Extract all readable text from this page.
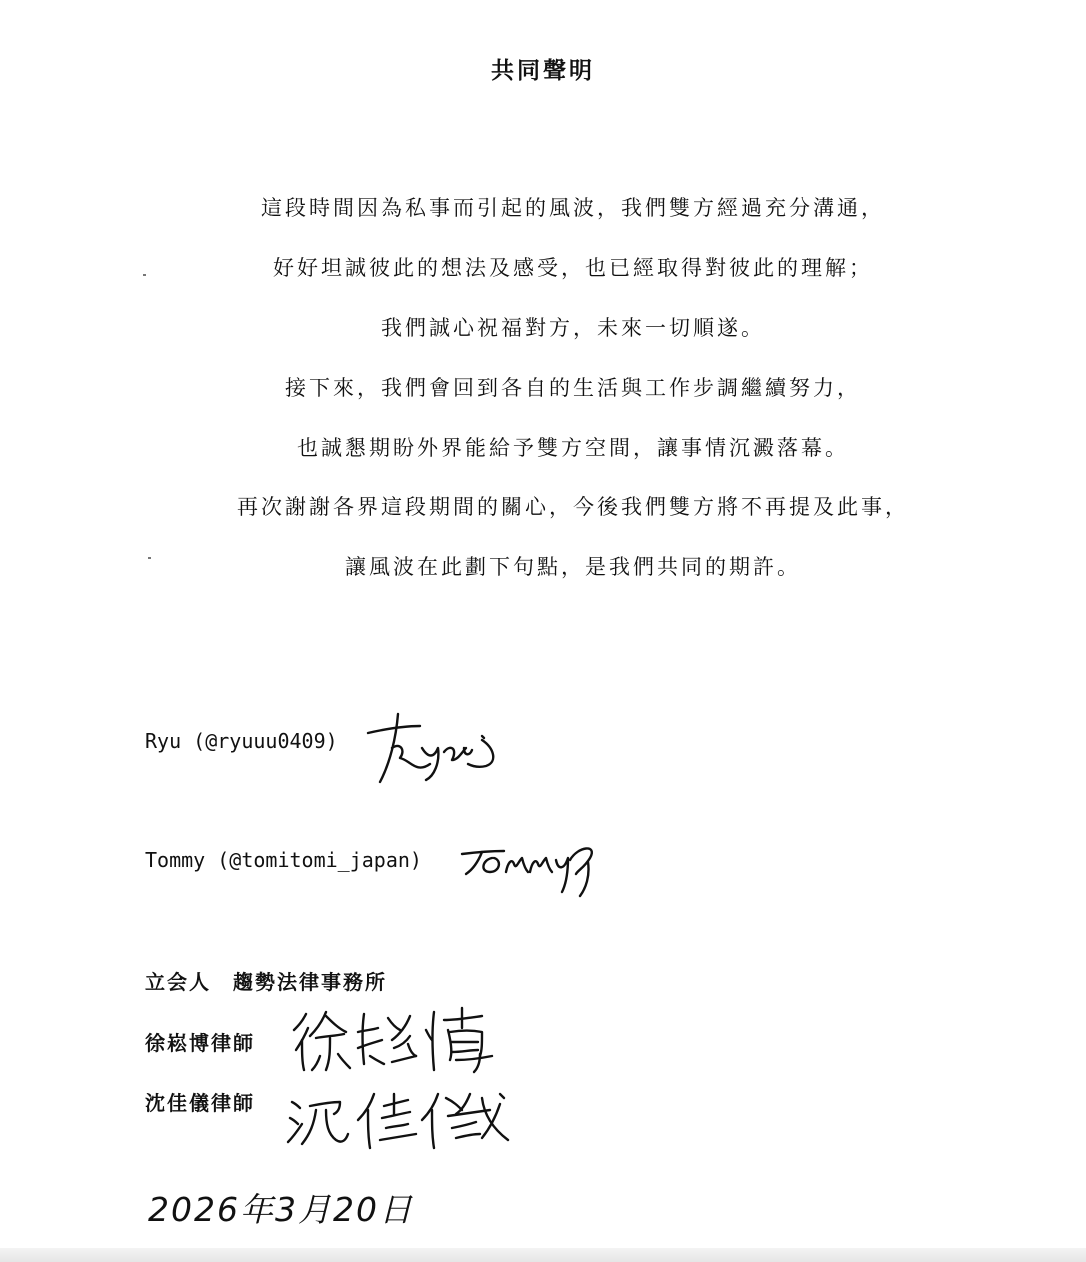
共同聲明
這段時間因為私事而引起的風波，我們雙方經過充分溝通，
好好坦誠彼此的想法及感受，也已經取得對彼此的理解；
我們誠心祝福對方，未來一切順遂。
接下來，我們會回到各自的生活與工作步調繼續努力，
也誠懇期盼外界能給予雙方空間，讓事情沉澱落幕。
再次謝謝各界這段期間的關心，今後我們雙方將不再提及此事，
讓風波在此劃下句點，是我們共同的期許。
Ryu (@ryuuu0409)
Tommy (@tomitomi_japan)
立会人　趨勢法律事務所
徐崧博律師
沈佳儀律師
2026年3月20日
